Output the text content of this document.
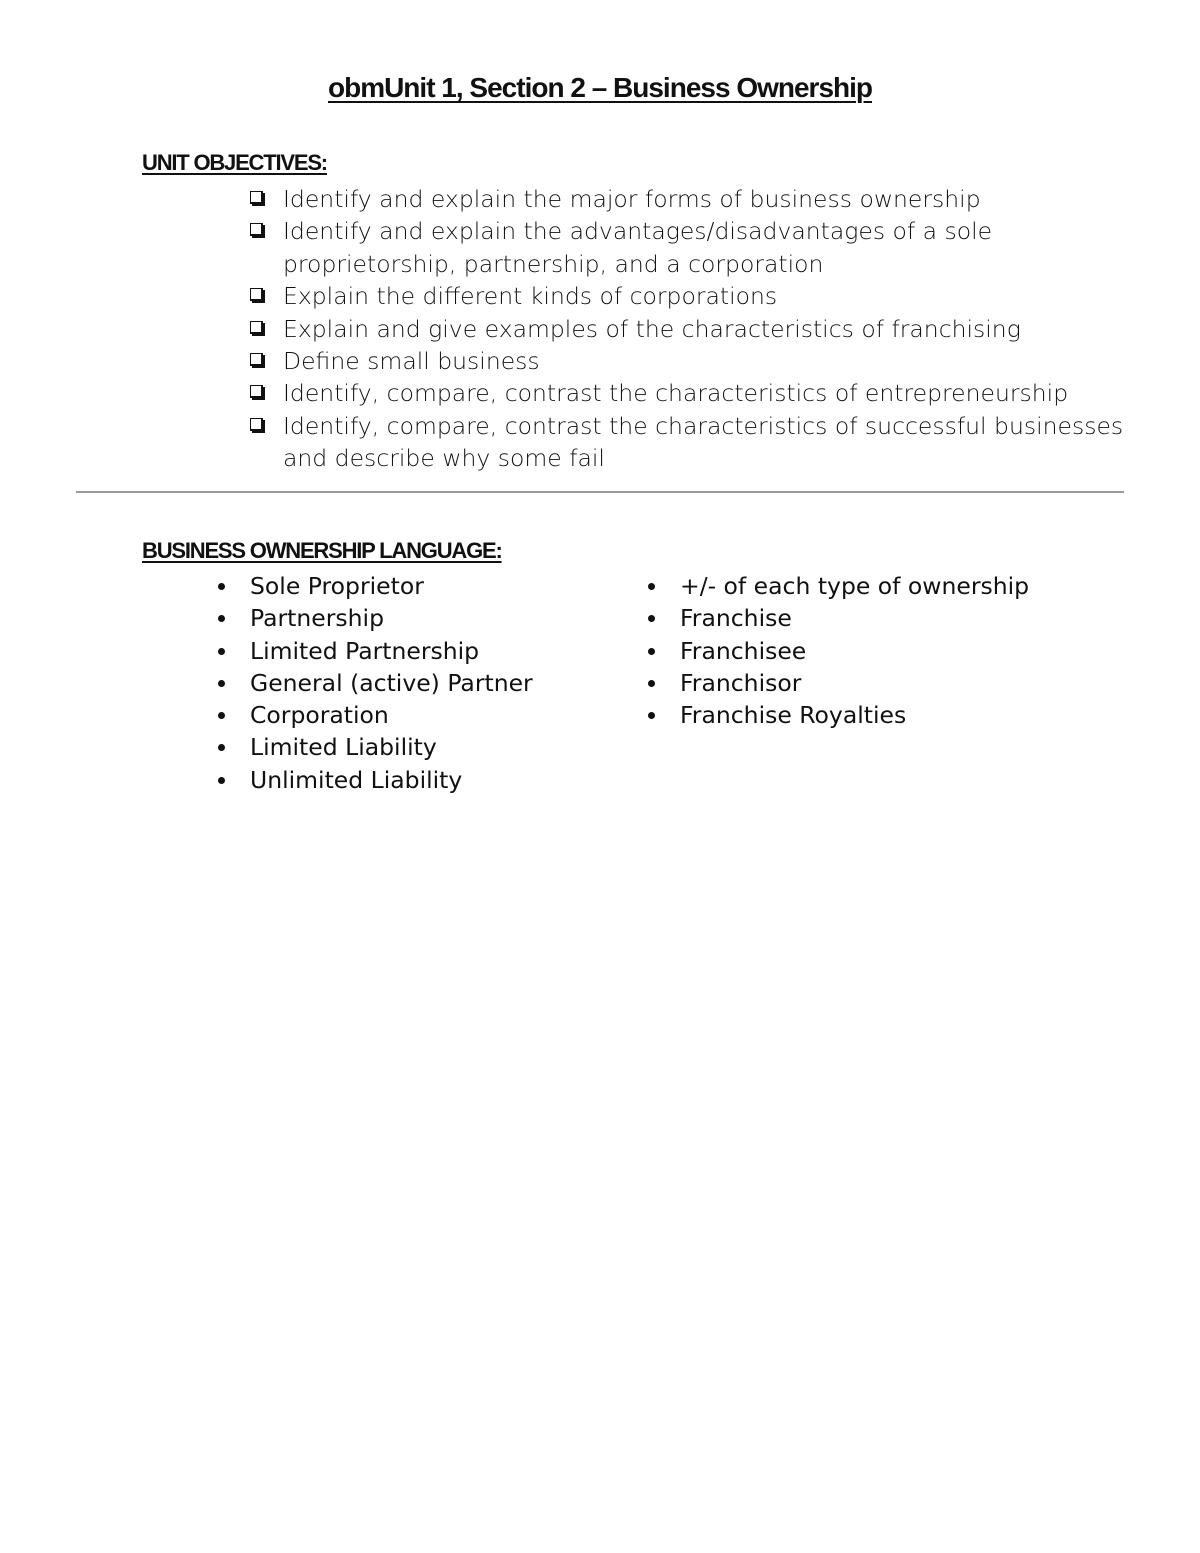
obmUnit 1, Section 2 – Business Ownership
UNIT OBJECTIVES:
Identify and explain the major forms of business ownership
Identify and explain the advantages/disadvantages of a sole proprietorship, partnership, and a corporation
Explain the different kinds of corporations
Explain and give examples of the characteristics of franchising
Define small business
Identify, compare, contrast the characteristics of entrepreneurship
Identify, compare, contrast the characteristics of successful businesses and describe why some fail
BUSINESS OWNERSHIP LANGUAGE:
Sole Proprietor
Partnership
Limited Partnership
General (active) Partner
Corporation
Limited Liability
Unlimited Liability
+/- of each type of ownership
Franchise
Franchisee
Franchisor
Franchise Royalties
